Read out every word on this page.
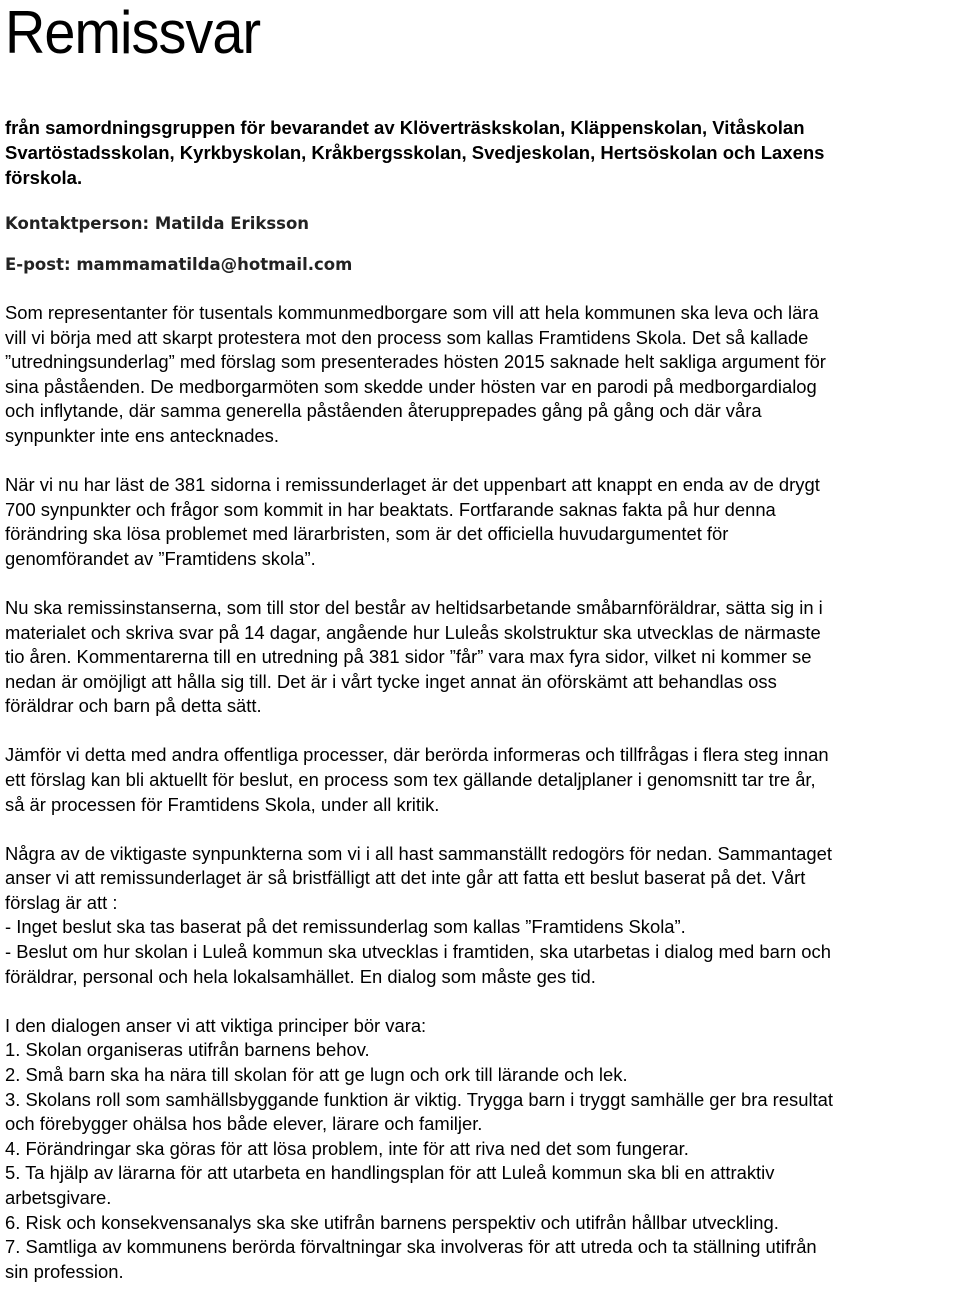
Remissvar

från samordningsgruppen för bevarandet av Klöverträskskolan, Kläppenskolan, Vitåskolan
Svartöstadsskolan, Kyrkbyskolan, Kråkbergsskolan, Svedjeskolan, Hertsöskolan och Laxens
förskola.

Kontaktperson: Matilda Eriksson

E-post: mammamatilda@hotmail.com

Som representanter för tusentals kommunmedborgare som vill att hela kommunen ska leva och lära
vill vi börja med att skarpt protestera mot den process som kallas Framtidens Skola. Det så kallade
”utredningsunderlag” med förslag som presenterades hösten 2015 saknade helt sakliga argument för
sina påståenden. De medborgarmöten som skedde under hösten var en parodi på medborgardialog
och inflytande, där samma generella påståenden återupprepades gång på gång och där våra
synpunkter inte ens antecknades.

När vi nu har läst de 381 sidorna i remissunderlaget är det uppenbart att knappt en enda av de drygt
700 synpunkter och frågor som kommit in har beaktats. Fortfarande saknas fakta på hur denna
förändring ska lösa problemet med lärarbristen, som är det officiella huvudargumentet för
genomförandet av ”Framtidens skola”.

Nu ska remissinstanserna, som till stor del består av heltidsarbetande småbarnföräldrar, sätta sig in i
materialet och skriva svar på 14 dagar, angående hur Luleås skolstruktur ska utvecklas de närmaste
tio åren. Kommentarerna till en utredning på 381 sidor ”får” vara max fyra sidor, vilket ni kommer se
nedan är omöjligt att hålla sig till. Det är i vårt tycke inget annat än oförskämt att behandlas oss
föräldrar och barn på detta sätt.

Jämför vi detta med andra offentliga processer, där berörda informeras och tillfrågas i flera steg innan
ett förslag kan bli aktuellt för beslut, en process som tex gällande detaljplaner i genomsnitt tar tre år,
så är processen för Framtidens Skola, under all kritik.

Några av de viktigaste synpunkterna som vi i all hast sammanställt redogörs för nedan. Sammantaget
anser vi att remissunderlaget är så bristfälligt att det inte går att fatta ett beslut baserat på det. Vårt
förslag är att :
- Inget beslut ska tas baserat på det remissunderlag som kallas ”Framtidens Skola”.
- Beslut om hur skolan i Luleå kommun ska utvecklas i framtiden, ska utarbetas i dialog med barn och
föräldrar, personal och hela lokalsamhället. En dialog som måste ges tid.

I den dialogen anser vi att viktiga principer bör vara:
1. Skolan organiseras utifrån barnens behov.
2. Små barn ska ha nära till skolan för att ge lugn och ork till lärande och lek.
3. Skolans roll som samhällsbyggande funktion är viktig. Trygga barn i tryggt samhälle ger bra resultat
och förebygger ohälsa hos både elever, lärare och familjer.
4. Förändringar ska göras för att lösa problem, inte för att riva ned det som fungerar.
5. Ta hjälp av lärarna för att utarbeta en handlingsplan för att Luleå kommun ska bli en attraktiv
arbetsgivare.
6. Risk och konsekvensanalys ska ske utifrån barnens perspektiv och utifrån hållbar utveckling.
7. Samtliga av kommunens berörda förvaltningar ska involveras för att utreda och ta ställning utifrån
sin profession.
